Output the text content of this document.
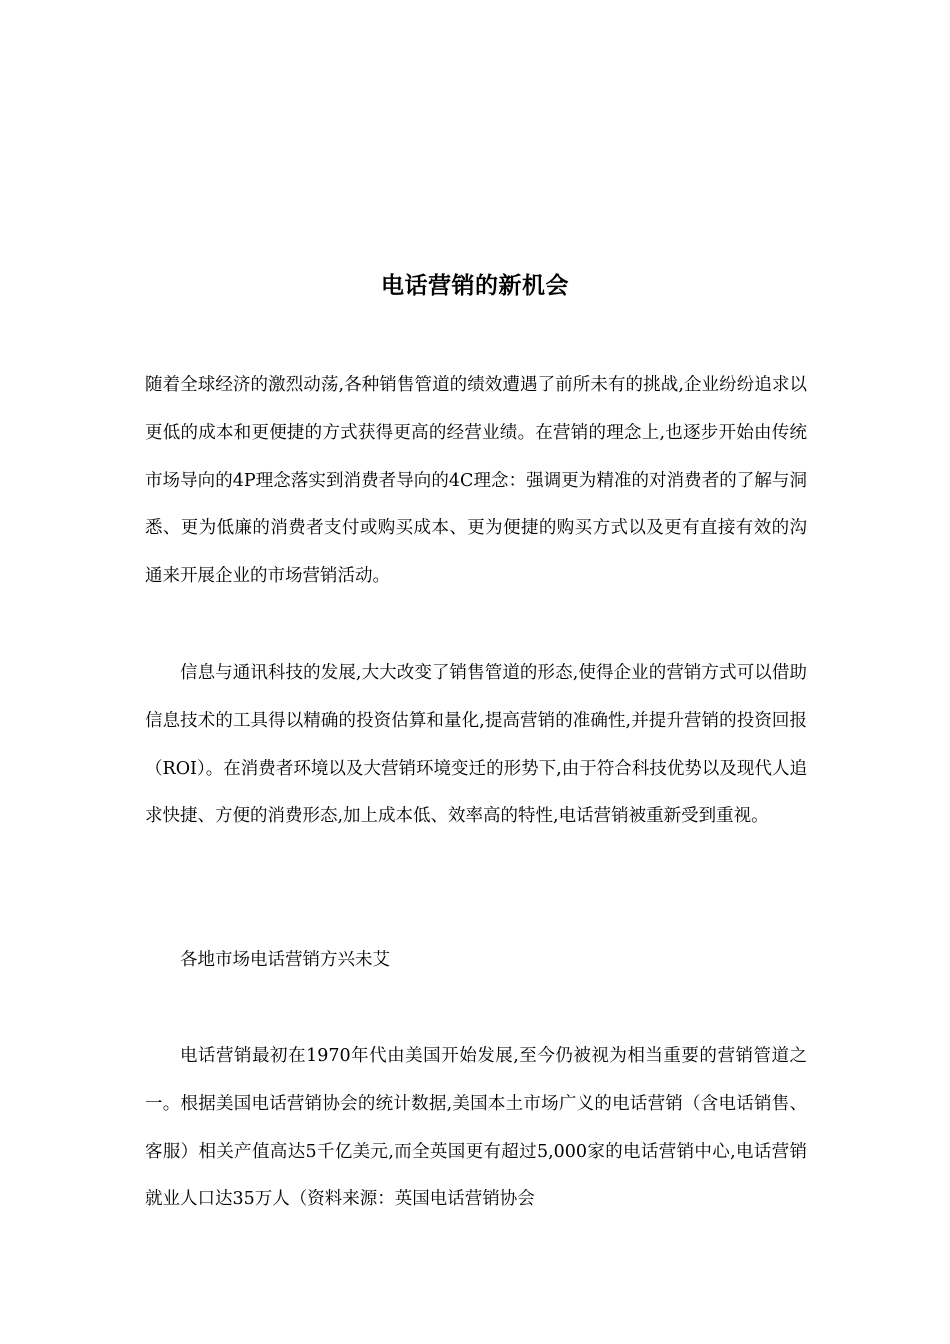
电话营销的新机会

随着全球经济的激烈动荡,各种销售管道的绩效遭遇了前所未有的挑战,企业纷纷追求以更低的成本和更便捷的方式获得更高的经营业绩。在营销的理念上,也逐步开始由传统市场导向的4P理念落实到消费者导向的4C理念：强调更为精准的对消费者的了解与洞悉、更为低廉的消费者支付或购买成本、更为便捷的购买方式以及更有直接有效的沟通来开展企业的市场营销活动。

信息与通讯科技的发展,大大改变了销售管道的形态,使得企业的营销方式可以借助信息技术的工具得以精确的投资估算和量化,提高营销的准确性,并提升营销的投资回报（ROI）。在消费者环境以及大营销环境变迁的形势下,由于符合科技优势以及现代人追求快捷、方便的消费形态,加上成本低、效率高的特性,电话营销被重新受到重视。

各地市场电话营销方兴未艾

电话营销最初在1970年代由美国开始发展,至今仍被视为相当重要的营销管道之一。根据美国电话营销协会的统计数据,美国本土市场广义的电话营销（含电话销售、客服）相关产值高达5千亿美元,而全英国更有超过5,000家的电话营销中心,电话营销就业人口达35万人（资料来源：英国电话营销协会
